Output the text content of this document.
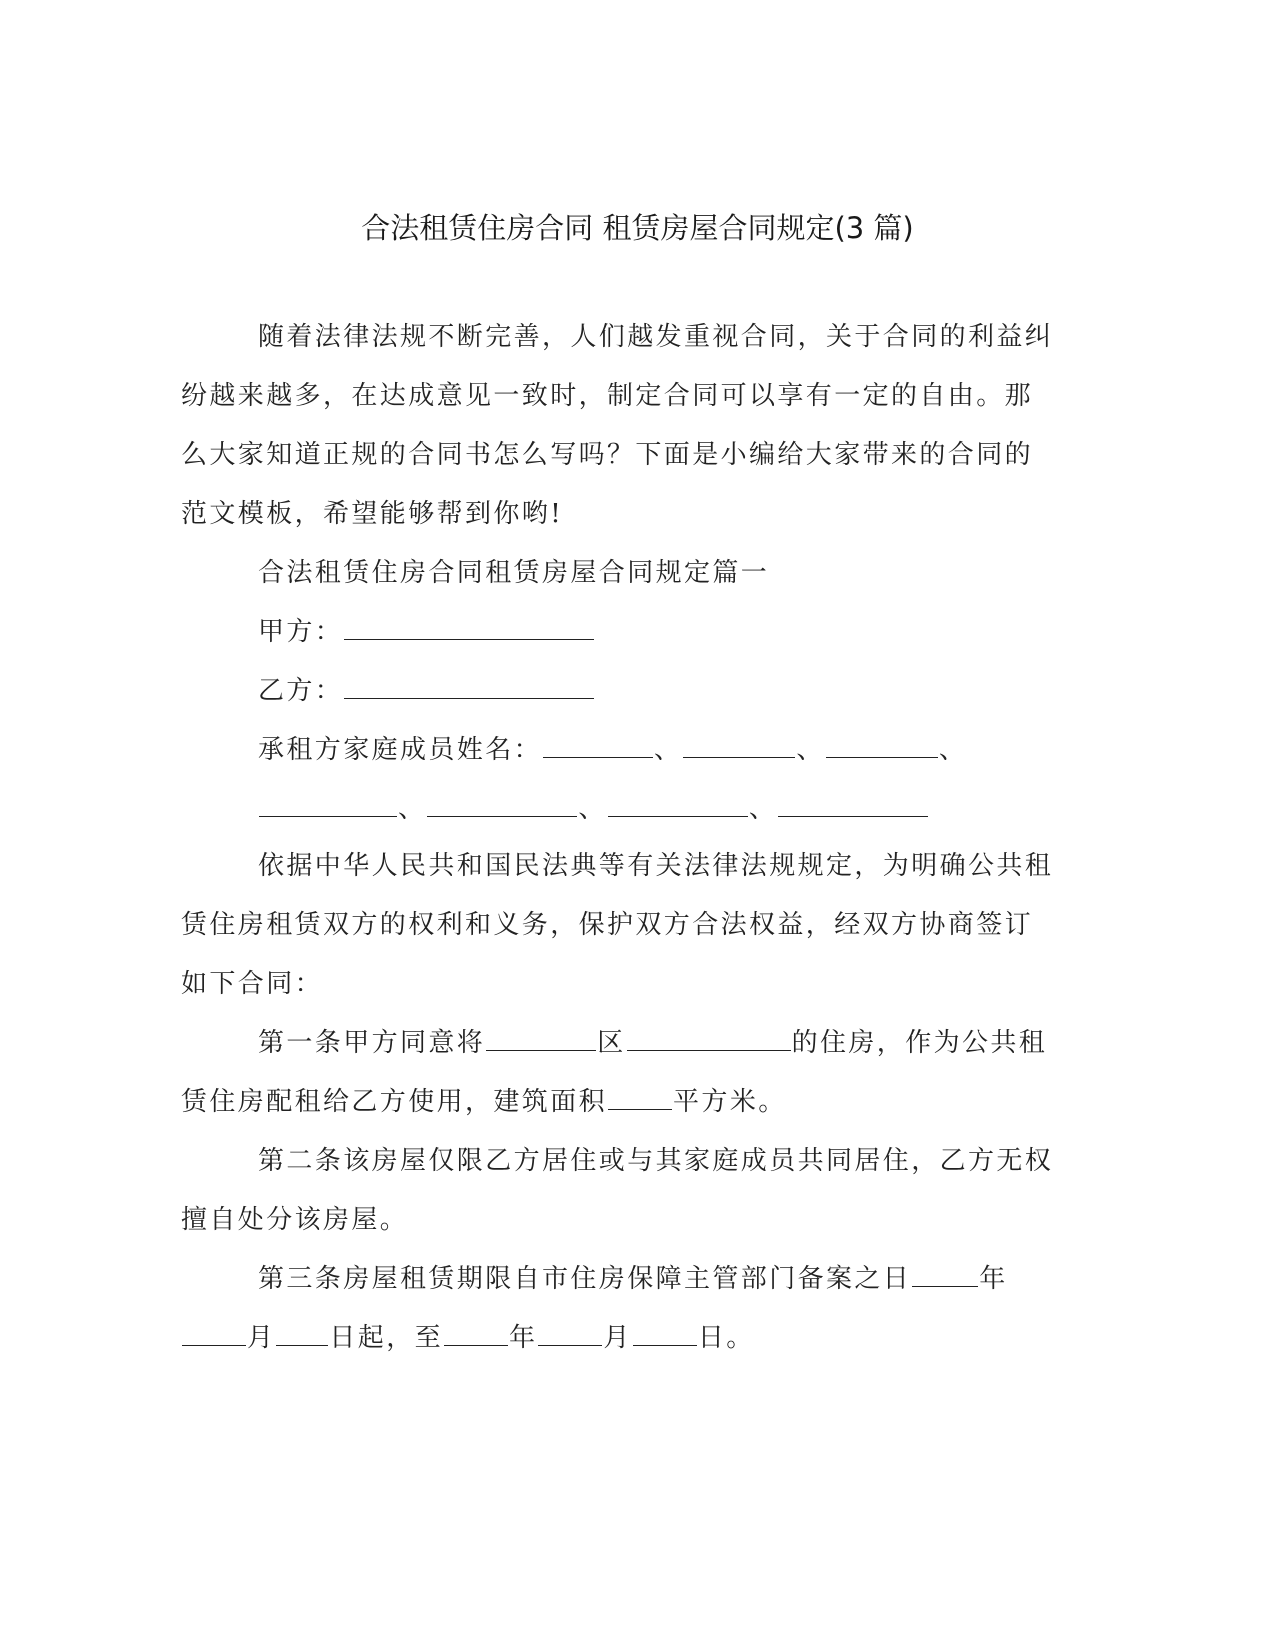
合法租赁住房合同 租赁房屋合同规定(3 篇)
随着法律法规不断完善，人们越发重视合同，关于合同的利益纠
纷越来越多，在达成意见一致时，制定合同可以享有一定的自由。那
么大家知道正规的合同书怎么写吗？下面是小编给大家带来的合同的
范文模板，希望能够帮到你哟!
合法租赁住房合同租赁房屋合同规定篇一
甲方：
乙方：
承租方家庭成员姓名：	、	、	、
、	、	、
依据中华人民共和国民法典等有关法律法规规定，为明确公共租
赁住房租赁双方的权利和义务，保护双方合法权益，经双方协商签订
如下合同：
第一条甲方同意将	区	的住房，作为公共租
赁住房配租给乙方使用，建筑面积	平方米。
第二条该房屋仅限乙方居住或与其家庭成员共同居住，乙方无权
擅自处分该房屋。
第三条房屋租赁期限自市住房保障主管部门备案之日	年
月 日起，至	年	月	日。
